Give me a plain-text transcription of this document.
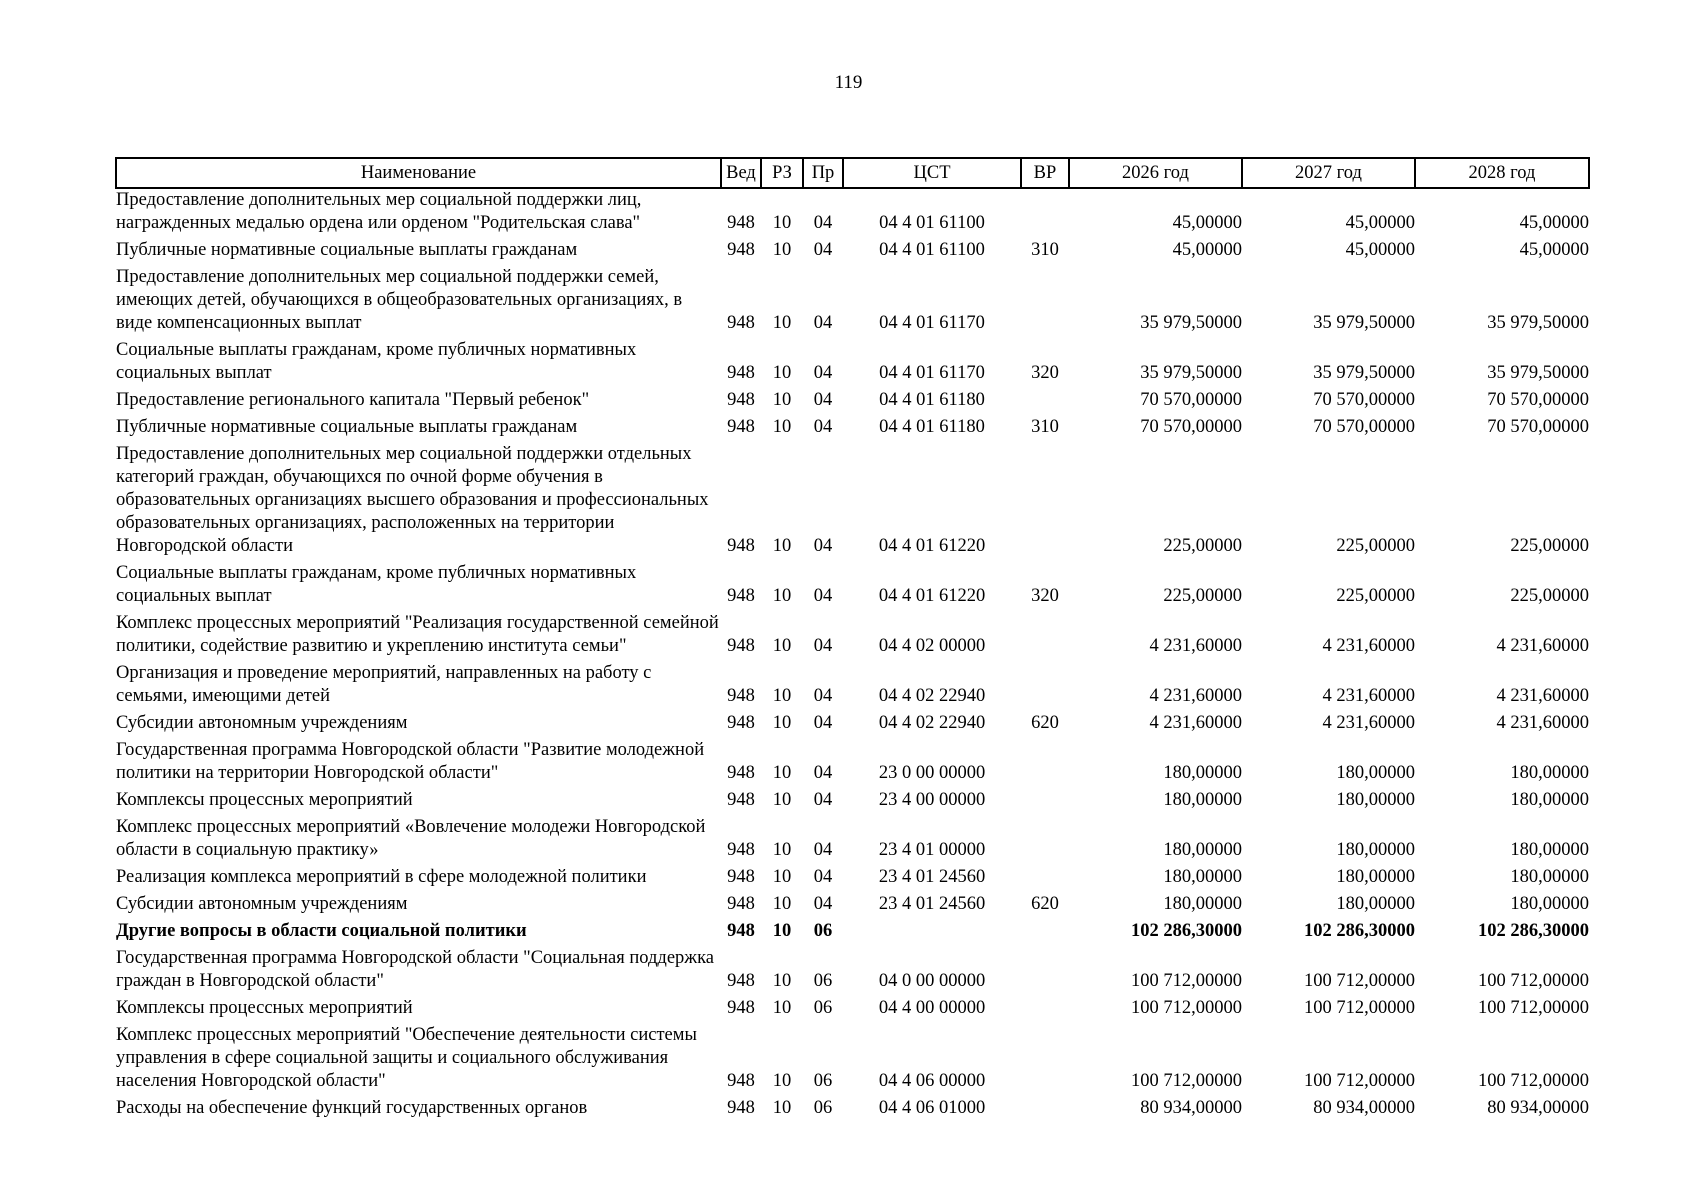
119
Наименование	Вед	РЗ	Пр	ЦСТ	ВР	2026 год	2027 год	2028 год
Предоставление дополнительных мер социальной поддержки лиц, награжденных медалью ордена или орденом "Родительская слава"	948	10	04	04 4 01 61100		45,00000	45,00000	45,00000
Публичные нормативные социальные выплаты гражданам	948	10	04	04 4 01 61100	310	45,00000	45,00000	45,00000
Предоставление дополнительных мер социальной поддержки семей, имеющих детей, обучающихся в общеобразовательных организациях, в виде компенсационных выплат	948	10	04	04 4 01 61170		35 979,50000	35 979,50000	35 979,50000
Социальные выплаты гражданам, кроме публичных нормативных социальных выплат	948	10	04	04 4 01 61170	320	35 979,50000	35 979,50000	35 979,50000
Предоставление регионального капитала "Первый ребенок"	948	10	04	04 4 01 61180		70 570,00000	70 570,00000	70 570,00000
Публичные нормативные социальные выплаты гражданам	948	10	04	04 4 01 61180	310	70 570,00000	70 570,00000	70 570,00000
Предоставление дополнительных мер социальной поддержки отдельных категорий граждан, обучающихся по очной форме обучения в образовательных организациях высшего образования и профессиональных образовательных организациях, расположенных на территории Новгородской области	948	10	04	04 4 01 61220		225,00000	225,00000	225,00000
Социальные выплаты гражданам, кроме публичных нормативных социальных выплат	948	10	04	04 4 01 61220	320	225,00000	225,00000	225,00000
Комплекс процессных мероприятий "Реализация государственной семейной политики, содействие развитию и укреплению института семьи"	948	10	04	04 4 02 00000		4 231,60000	4 231,60000	4 231,60000
Организация и проведение мероприятий, направленных на работу с семьями, имеющими детей	948	10	04	04 4 02 22940		4 231,60000	4 231,60000	4 231,60000
Субсидии автономным учреждениям	948	10	04	04 4 02 22940	620	4 231,60000	4 231,60000	4 231,60000
Государственная программа Новгородской области "Развитие молодежной политики на территории Новгородской области"	948	10	04	23 0 00 00000		180,00000	180,00000	180,00000
Комплексы процессных мероприятий	948	10	04	23 4 00 00000		180,00000	180,00000	180,00000
Комплекс процессных мероприятий «Вовлечение молодежи Новгородской области в социальную практику»	948	10	04	23 4 01 00000		180,00000	180,00000	180,00000
Реализация комплекса мероприятий в сфере молодежной политики	948	10	04	23 4 01 24560		180,00000	180,00000	180,00000
Субсидии автономным учреждениям	948	10	04	23 4 01 24560	620	180,00000	180,00000	180,00000
Другие вопросы в области социальной политики	948	10	06			102 286,30000	102 286,30000	102 286,30000
Государственная программа Новгородской области "Социальная поддержка граждан в Новгородской области"	948	10	06	04 0 00 00000		100 712,00000	100 712,00000	100 712,00000
Комплексы процессных мероприятий	948	10	06	04 4 00 00000		100 712,00000	100 712,00000	100 712,00000
Комплекс процессных мероприятий "Обеспечение деятельности системы управления в сфере социальной защиты и социального обслуживания населения Новгородской области"	948	10	06	04 4 06 00000		100 712,00000	100 712,00000	100 712,00000
Расходы на обеспечение функций государственных органов	948	10	06	04 4 06 01000		80 934,00000	80 934,00000	80 934,00000
